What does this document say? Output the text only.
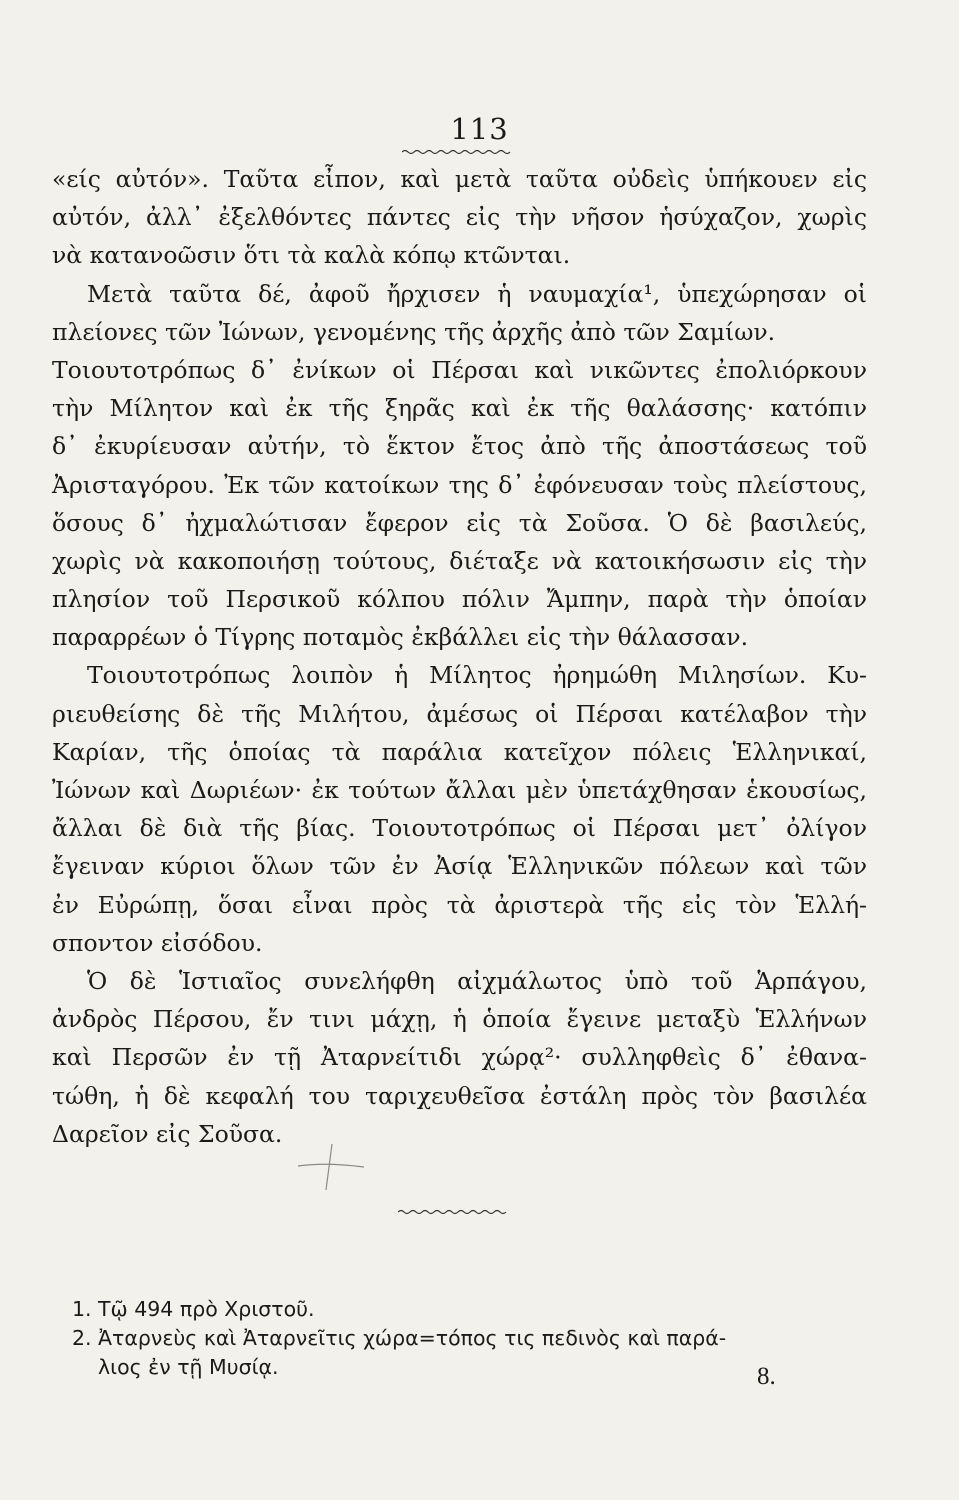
113
«είς αὐτόν». Ταῦτα εἶπον, καὶ μετὰ ταῦτα οὐδεὶς ὑπήκουεν εἰς
αὐτόν, ἀλλ᾽ ἐξελθόντες πάντες εἰς τὴν νῆσον ἡσύχαζον, χωρὶς
νὰ κατανοῶσιν ὅτι τὰ καλὰ κόπῳ κτῶνται.
Μετὰ ταῦτα δέ, ἀφοῦ ἤρχισεν ἡ ναυμαχία¹, ὑπεχώρησαν οἱ
πλείονες τῶν Ἰώνων, γενομένης τῆς ἀρχῆς ἀπὸ τῶν Σαμίων.
Τοιουτοτρόπως δ᾽ ἐνίκων οἱ Πέρσαι καὶ νικῶντες ἐπολιόρκουν
τὴν Μίλητον καὶ ἐκ τῆς ξηρᾶς καὶ ἐκ τῆς θαλάσσης· κατόπιν
δ᾽ ἐκυρίευσαν αὐτήν, τὸ ἕκτον ἔτος ἀπὸ τῆς ἀποστάσεως τοῦ
Ἀρισταγόρου. Ἐκ τῶν κατοίκων της δ᾽ ἐφόνευσαν τοὺς πλείστους,
ὅσους δ᾽ ἠχμαλώτισαν ἔφερον εἰς τὰ Σοῦσα. Ὁ δὲ βασιλεύς,
χωρὶς νὰ κακοποιήσῃ τούτους, διέταξε νὰ κατοικήσωσιν εἰς τὴν
πλησίον τοῦ Περσικοῦ κόλπου πόλιν Ἄμπην, παρὰ τὴν ὁποίαν
παραρρέων ὁ Τίγρης ποταμὸς ἐκβάλλει εἰς τὴν θάλασσαν.
Τοιουτοτρόπως λοιπὸν ἡ Μίλητος ἠρημώθη Μιλησίων. Κυ-
ριευθείσης δὲ τῆς Μιλήτου, ἀμέσως οἱ Πέρσαι κατέλαβον τὴν
Καρίαν, τῆς ὁποίας τὰ παράλια κατεῖχον πόλεις Ἑλληνικαί,
Ἰώνων καὶ Δωριέων· ἐκ τούτων ἄλλαι μὲν ὑπετάχθησαν ἑκουσίως,
ἄλλαι δὲ διὰ τῆς βίας. Τοιουτοτρόπως οἱ Πέρσαι μετ᾽ ὀλίγον
ἔγειναν κύριοι ὅλων τῶν ἐν Ἀσίᾳ Ἑλληνικῶν πόλεων καὶ τῶν
ἐν Εὐρώπῃ, ὅσαι εἶναι πρὸς τὰ ἀριστερὰ τῆς εἰς τὸν Ἑλλή-
σποντον εἰσόδου.
Ὁ δὲ Ἱστιαῖος συνελήφθη αἰχμάλωτος ὑπὸ τοῦ Ἁρπάγου,
ἀνδρὸς Πέρσου, ἔν τινι μάχῃ, ἡ ὁποία ἔγεινε μεταξὺ Ἑλλήνων
καὶ Περσῶν ἐν τῇ Ἀταρνείτιδι χώρᾳ²· συλληφθεὶς δ᾽ ἐθανα-
τώθη, ἡ δὲ κεφαλή του ταριχευθεῖσα ἐστάλη πρὸς τὸν βασιλέα
Δαρεῖον εἰς Σοῦσα.
1. Τῷ 494 πρὸ Χριστοῦ.
2. Ἀταρνεὺς καὶ Ἀταρνεῖτις χώρα=τόπος τις πεδινὸς καὶ παρά-
λιος ἐν τῇ Μυσίᾳ.	8.
